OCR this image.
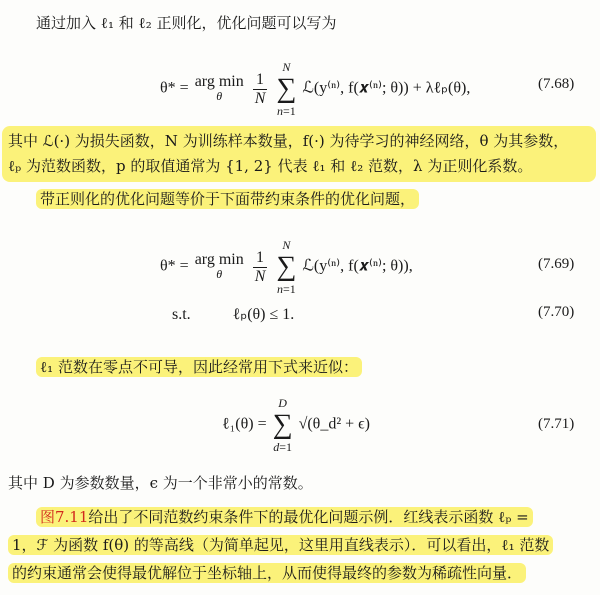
通过加入 ℓ₁ 和 ℓ₂ 正则化，优化问题可以写为
θ* = arg min
θ
	$\frac{1}{N}$

N
∑
n=1
ℒ(y⁽ⁿ⁾, f(𝒙⁽ⁿ⁾; θ)) + λℓₚ(θ),	(7.68)
其中 ℒ(·) 为损失函数，N 为训练样本数量，f(·) 为待学习的神经网络，θ 为其参数，
ℓₚ 为范数函数，p 的取值通常为 {1, 2} 代表 ℓ₁ 和 ℓ₂ 范数，λ 为正则化系数。
带正则化的优化问题等价于下面带约束条件的优化问题，
θ* = arg min
θ
	$\frac{1}{N}$

N
∑
n=1
ℒ(y⁽ⁿ⁾, f(𝒙⁽ⁿ⁾; θ)),	(7.69)
s.t.	ℓₚ(θ) ≤ 1.	(7.70)
ℓ₁ 范数在零点不可导，因此经常用下式来近似：
ℓ₁(θ) =
D
∑
d=1
√(θ_d² + ϵ)	(7.71)
其中 D 为参数数量，ϵ 为一个非常小的常数。
图7.11给出了不同范数约束条件下的最优化问题示例．红线表示函数 ℓₚ =
1，ℱ 为函数 f(θ) 的等高线（为简单起见，这里用直线表示）．可以看出，ℓ₁ 范数
的约束通常会使得最优解位于坐标轴上，从而使得最终的参数为稀疏性向量．
